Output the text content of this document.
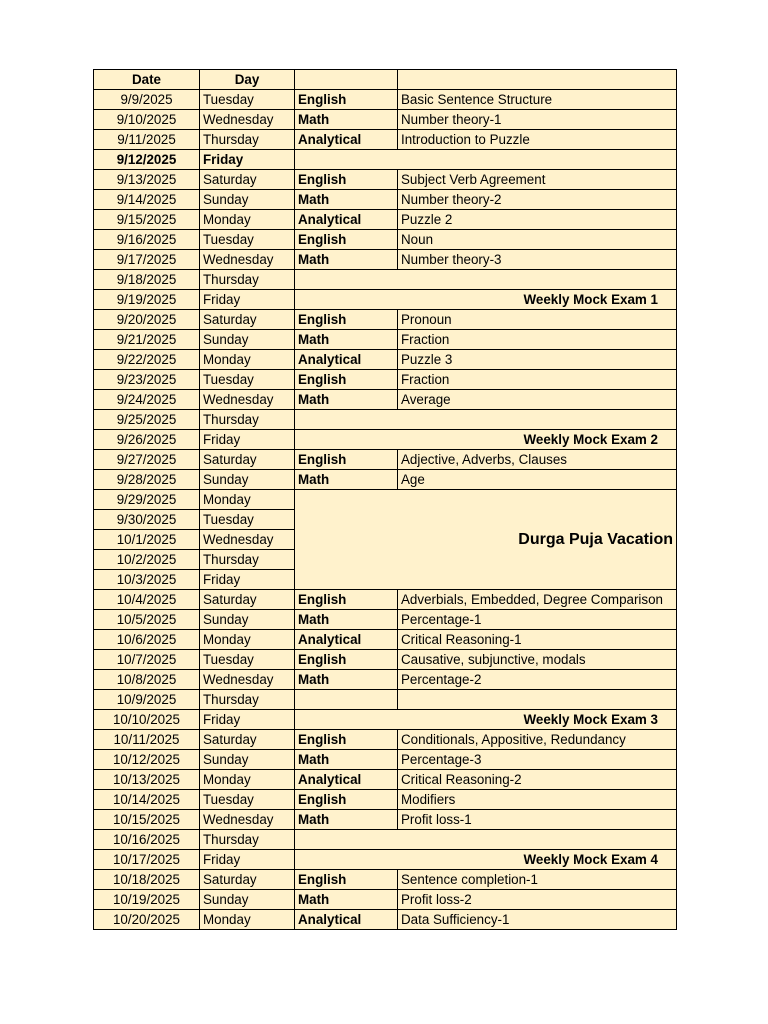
Date	Day		
9/9/2025	Tuesday	English	Basic Sentence Structure
9/10/2025	Wednesday	Math	Number theory-1
9/11/2025	Thursday	Analytical	Introduction to Puzzle
9/12/2025	Friday		
9/13/2025	Saturday	English	Subject Verb Agreement
9/14/2025	Sunday	Math	Number theory-2
9/15/2025	Monday	Analytical	Puzzle 2
9/16/2025	Tuesday	English	Noun
9/17/2025	Wednesday	Math	Number theory-3
9/18/2025	Thursday		
9/19/2025	Friday	Weekly Mock Exam 1	
9/20/2025	Saturday	English	Pronoun
9/21/2025	Sunday	Math	Fraction
9/22/2025	Monday	Analytical	Puzzle 3
9/23/2025	Tuesday	English	Fraction
9/24/2025	Wednesday	Math	Average
9/25/2025	Thursday		
9/26/2025	Friday	Weekly Mock Exam 2	
9/27/2025	Saturday	English	Adjective, Adverbs, Clauses
9/28/2025	Sunday	Math	Age
9/29/2025	Monday	Durga Puja Vacation	
9/30/2025	Tuesday		
10/1/2025	Wednesday		
10/2/2025	Thursday		
10/3/2025	Friday		
10/4/2025	Saturday	English	Adverbials, Embedded, Degree Comparison
10/5/2025	Sunday	Math	Percentage-1
10/6/2025	Monday	Analytical	Critical Reasoning-1
10/7/2025	Tuesday	English	Causative, subjunctive, modals
10/8/2025	Wednesday	Math	Percentage-2
10/9/2025	Thursday		
10/10/2025	Friday	Weekly Mock Exam 3	
10/11/2025	Saturday	English	Conditionals, Appositive, Redundancy
10/12/2025	Sunday	Math	Percentage-3
10/13/2025	Monday	Analytical	Critical Reasoning-2
10/14/2025	Tuesday	English	Modifiers
10/15/2025	Wednesday	Math	Profit loss-1
10/16/2025	Thursday		
10/17/2025	Friday	Weekly Mock Exam 4	
10/18/2025	Saturday	English	Sentence completion-1
10/19/2025	Sunday	Math	Profit loss-2
10/20/2025	Monday	Analytical	Data Sufficiency-1
